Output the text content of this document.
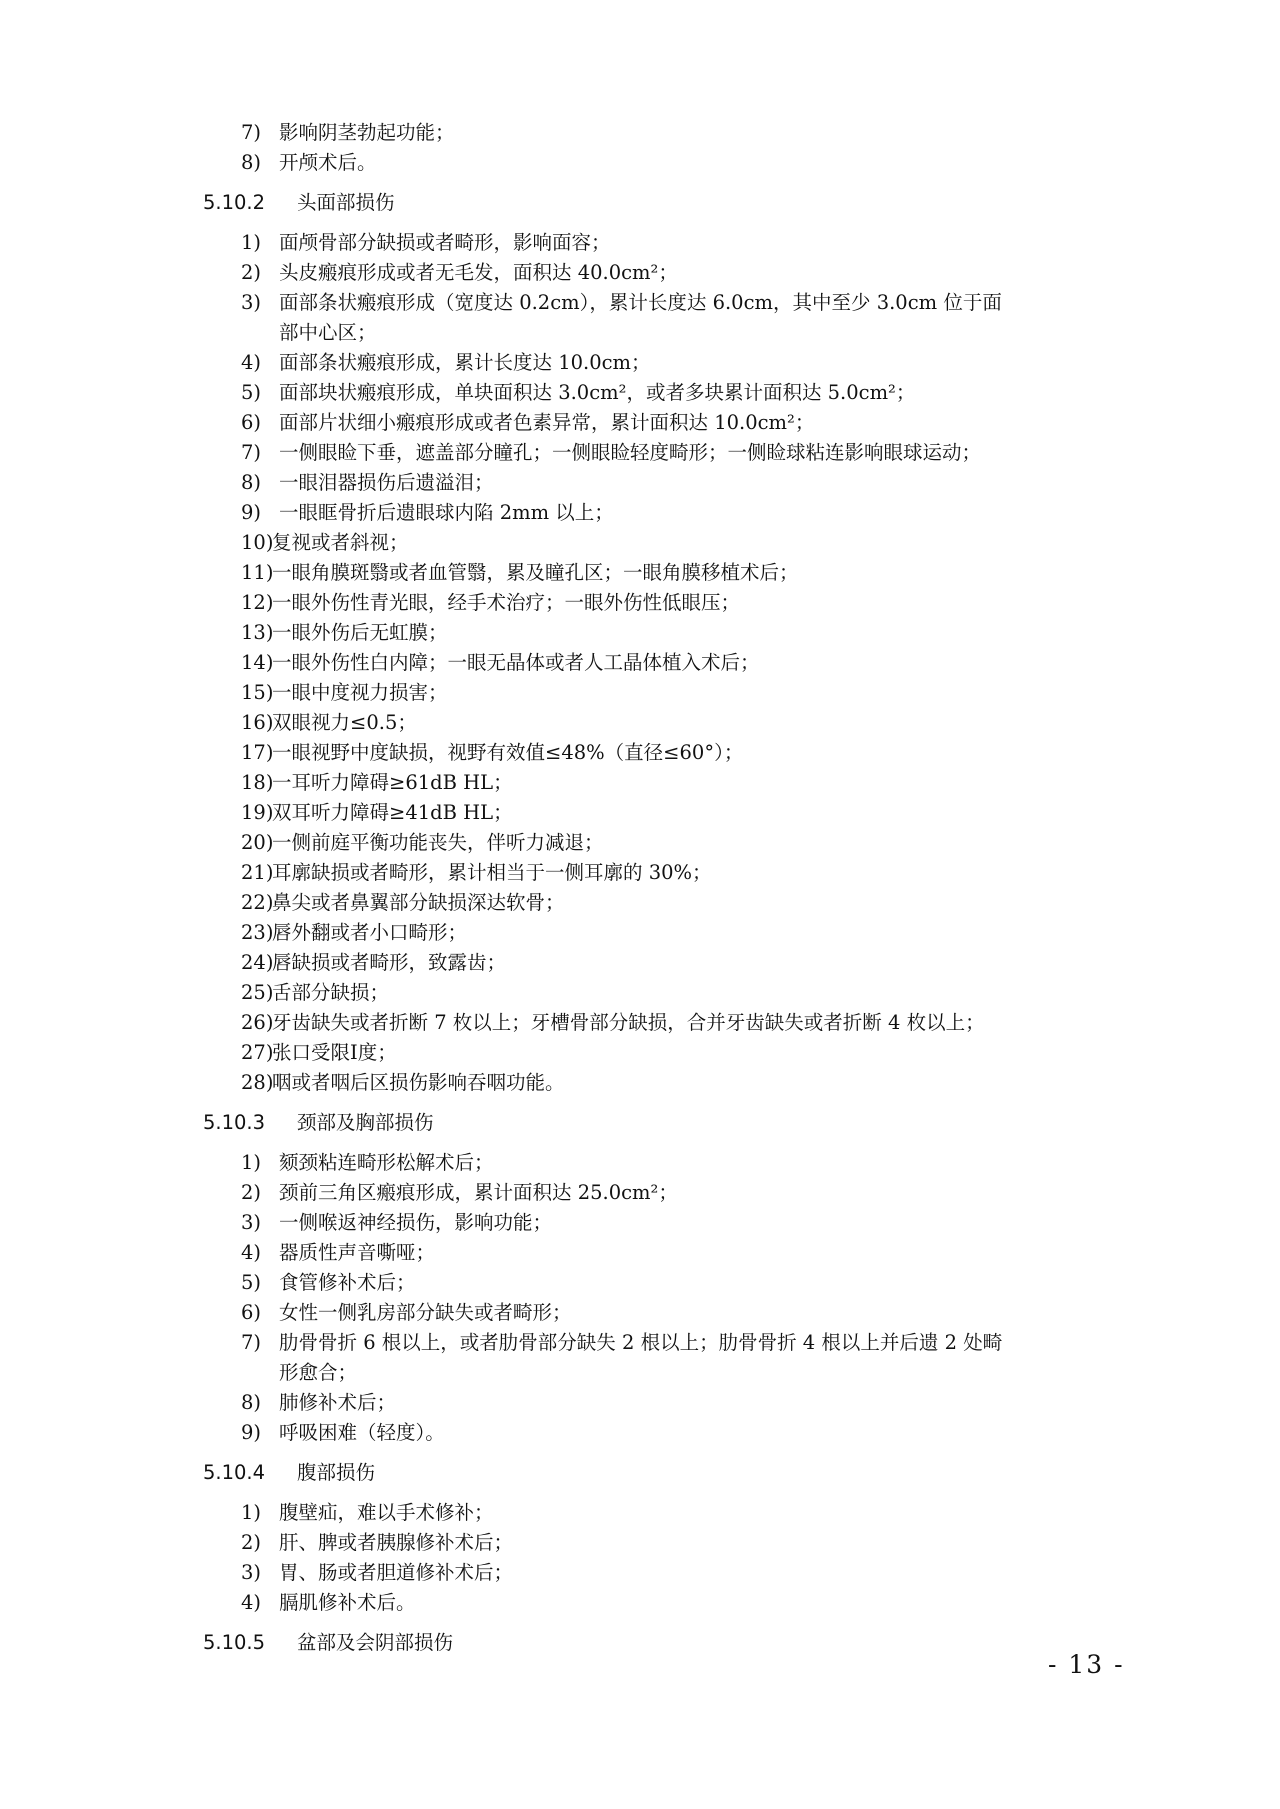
7) 影响阴茎勃起功能；
8) 开颅术后。
5.10.2 头面部损伤
1) 面颅骨部分缺损或者畸形，影响面容；
2) 头皮瘢痕形成或者无毛发，面积达 40.0cm²；
3) 面部条状瘢痕形成（宽度达 0.2cm），累计长度达 6.0cm，其中至少 3.0cm 位于面部中心区；
4) 面部条状瘢痕形成，累计长度达 10.0cm；
5) 面部块状瘢痕形成，单块面积达 3.0cm²，或者多块累计面积达 5.0cm²；
6) 面部片状细小瘢痕形成或者色素异常，累计面积达 10.0cm²；
7) 一侧眼睑下垂，遮盖部分瞳孔；一侧眼睑轻度畸形；一侧睑球粘连影响眼球运动；
8) 一眼泪器损伤后遗溢泪；
9) 一眼眶骨折后遗眼球内陷 2mm 以上；
10)
复视或者斜视；
11)
一眼角膜斑翳或者血管翳，累及瞳孔区；一眼角膜移植术后；
12)
一眼外伤性青光眼，经手术治疗；一眼外伤性低眼压；
13)
一眼外伤后无虹膜；
14)
一眼外伤性白内障；一眼无晶体或者人工晶体植入术后；
15)
一眼中度视力损害；
16)
双眼视力≤0.5；
17)
一眼视野中度缺损，视野有效值≤48%（直径≤60°）；
18)
一耳听力障碍≥61dB HL；
19)
双耳听力障碍≥41dB HL；
20)
一侧前庭平衡功能丧失，伴听力减退；
21)
耳廓缺损或者畸形，累计相当于一侧耳廓的 30%；
22)
鼻尖或者鼻翼部分缺损深达软骨；
23)
唇外翻或者小口畸形；
24)
唇缺损或者畸形，致露齿；
25)
舌部分缺损；
26)
牙齿缺失或者折断 7 枚以上；牙槽骨部分缺损，合并牙齿缺失或者折断 4 枚以上；
27)
张口受限Ⅰ度；
28)
咽或者咽后区损伤影响吞咽功能。
5.10.3 颈部及胸部损伤
1) 颏颈粘连畸形松解术后；
2) 颈前三角区瘢痕形成，累计面积达 25.0cm²；
3) 一侧喉返神经损伤，影响功能；
4) 器质性声音嘶哑；
5) 食管修补术后；
6) 女性一侧乳房部分缺失或者畸形；
7) 肋骨骨折 6 根以上，或者肋骨部分缺失 2 根以上；肋骨骨折 4 根以上并后遗 2 处畸形愈合；
8) 肺修补术后；
9) 呼吸困难（轻度）。
5.10.4 腹部损伤
1) 腹壁疝，难以手术修补；
2) 肝、脾或者胰腺修补术后；
3) 胃、肠或者胆道修补术后；
4) 膈肌修补术后。
5.10.5 盆部及会阴部损伤
- 13 -
